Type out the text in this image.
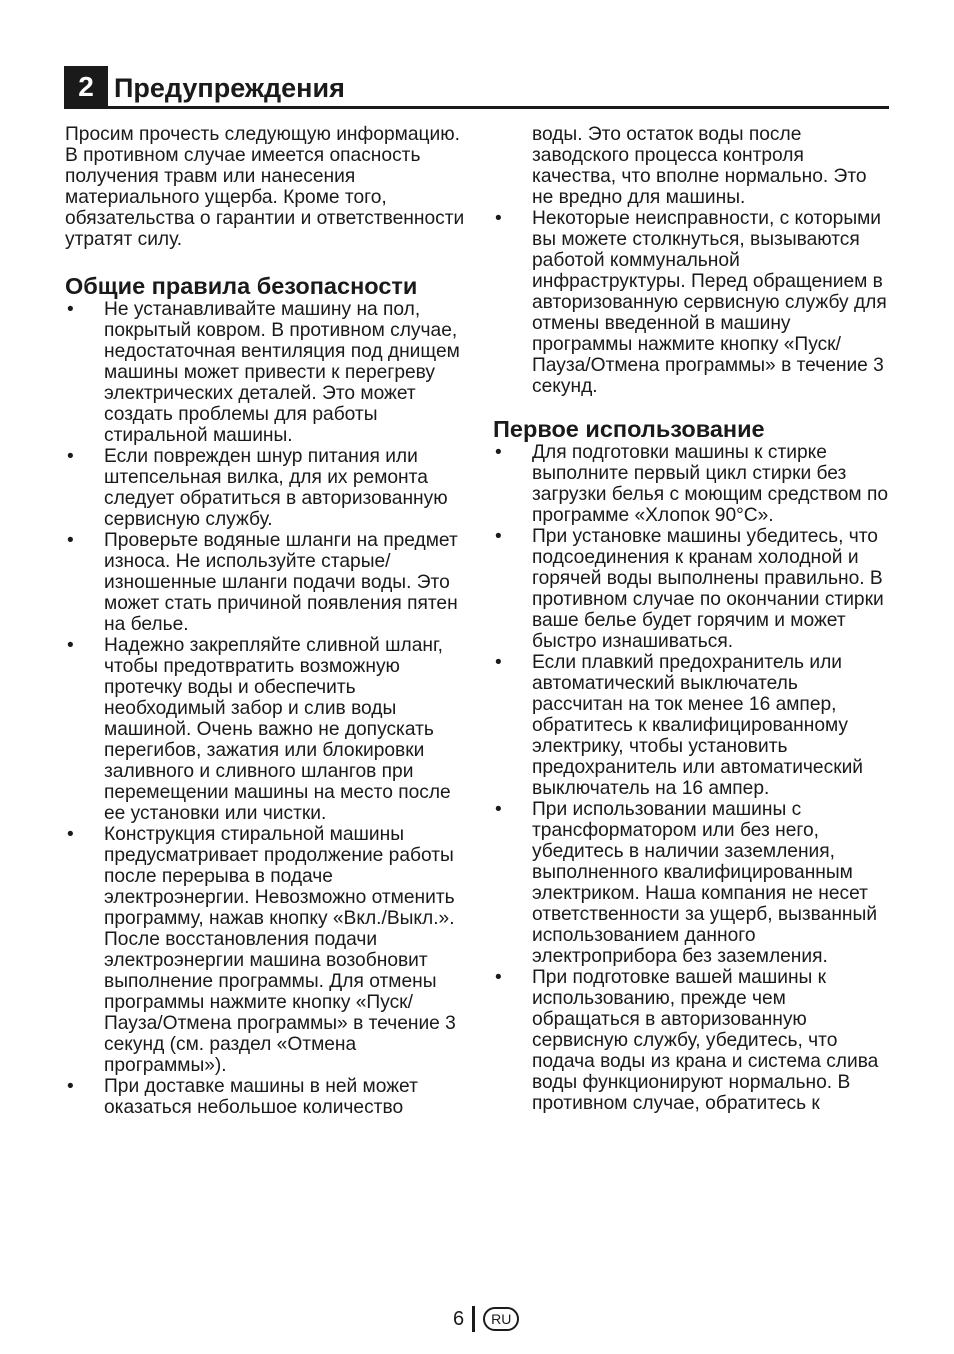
2 Предупреждения

Просим прочесть следующую информацию. В противном случае имеется опасность получения травм или нанесения материального ущерба. Кроме того, обязательства о гарантии и ответственности утратят силу.

Общие правила безопасности
• Не устанавливайте машину на пол, покрытый ковром. В противном случае, недостаточная вентиляция под днищем машины может привести к перегреву электрических деталей. Это может создать проблемы для работы стиральной машины.
• Если поврежден шнур питания или штепсельная вилка, для их ремонта следует обратиться в авторизованную сервисную службу.
• Проверьте водяные шланги на предмет износа. Не используйте старые/изношенные шланги подачи воды. Это может стать причиной появления пятен на белье.
• Надежно закрепляйте сливной шланг, чтобы предотвратить возможную протечку воды и обеспечить необходимый забор и слив воды машиной. Очень важно не допускать перегибов, зажатия или блокировки заливного и сливного шлангов при перемещении машины на место после ее установки или чистки.
• Конструкция стиральной машины предусматривает продолжение работы после перерыва в подаче электроэнергии. Невозможно отменить программу, нажав кнопку «Вкл./Выкл.». После восстановления подачи электроэнергии машина возобновит выполнение программы. Для отмены программы нажмите кнопку «Пуск/Пауза/Отмена программы» в течение 3 секунд (см. раздел «Отмена программы»).
• При доставке машины в ней может оказаться небольшое количество

воды. Это остаток воды после заводского процесса контроля качества, что вполне нормально. Это не вредно для машины.

• Некоторые неисправности, с которыми вы можете столкнуться, вызываются работой коммунальной инфраструктуры. Перед обращением в авторизованную сервисную службу для отмены введенной в машину программы нажмите кнопку «Пуск/Пауза/Отмена программы» в течение 3 секунд.
Первое использование
• Для подготовки машины к стирке выполните первый цикл стирки без загрузки белья с моющим средством по программе «Хлопок 90°C».
• При установке машины убедитесь, что подсоединения к кранам холодной и горячей воды выполнены правильно. В противном случае по окончании стирки ваше белье будет горячим и может быстро изнашиваться.
• Если плавкий предохранитель или автоматический выключатель рассчитан на ток менее 16 ампер, обратитесь к квалифицированному электрику, чтобы установить предохранитель или автоматический выключатель на 16 ампер.
• При использовании машины с трансформатором или без него, убедитесь в наличии заземления, выполненного квалифицированным электриком. Наша компания не несет ответственности за ущерб, вызванный использованием данного электроприбора без заземления.
• При подготовке вашей машины к использованию, прежде чем обращаться в авторизованную сервисную службу, убедитесь, что подача воды из крана и система слива воды функционируют нормально. В противном случае, обратитесь к
6	RU
